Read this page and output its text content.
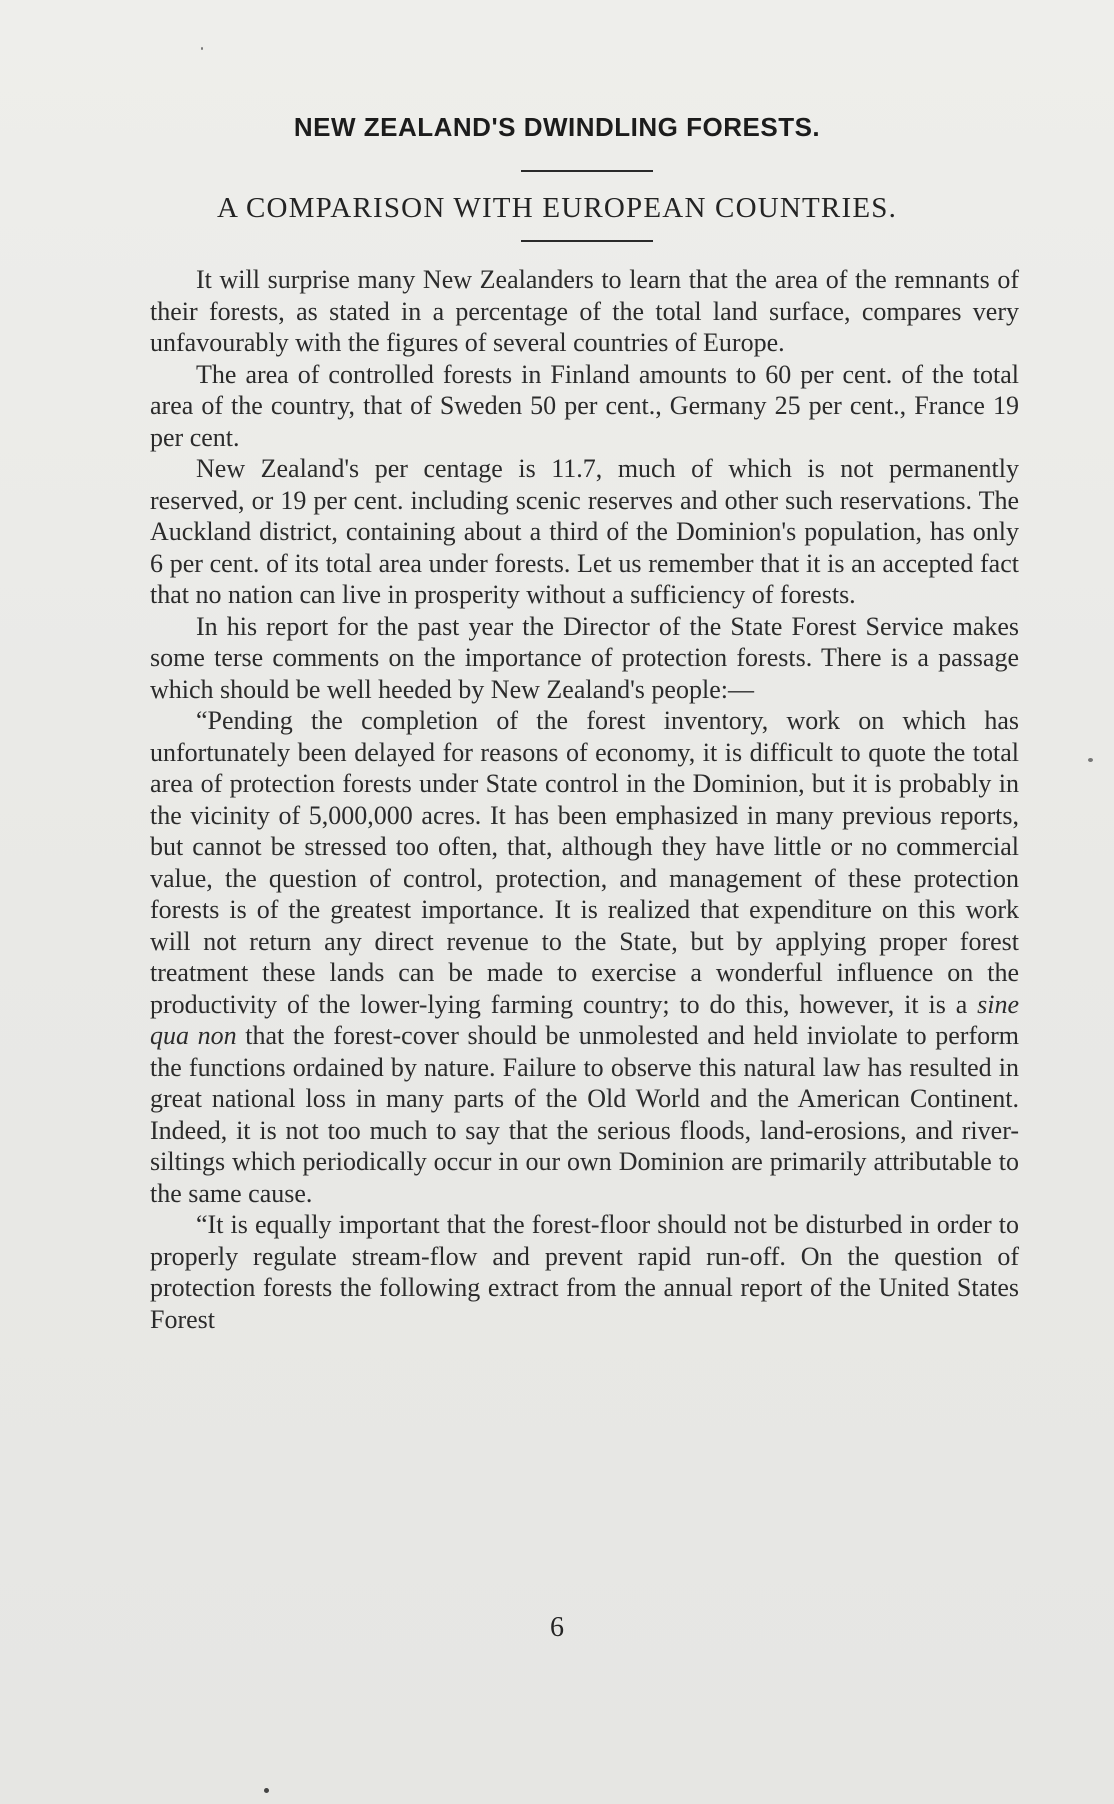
NEW ZEALAND'S DWINDLING FORESTS.
A COMPARISON WITH EUROPEAN COUNTRIES.

It will surprise many New Zealanders to learn that the area of the remnants of their forests, as stated in a percentage of the total land surface, compares very unfavourably with the figures of several countries of Europe.

The area of controlled forests in Finland amounts to 60 per cent. of the total area of the country, that of Sweden 50 per cent., Germany 25 per cent., France 19 per cent.

New Zealand's per centage is 11.7, much of which is not permanently reserved, or 19 per cent. including scenic reserves and other such reservations. The Auckland district, containing about a third of the Dominion's population, has only 6 per cent. of its total area under forests. Let us remember that it is an accepted fact that no nation can live in prosperity without a sufficiency of forests.

In his report for the past year the Director of the State Forest Service makes some terse comments on the importance of protection forests. There is a passage which should be well heeded by New Zealand's people:—

“Pending the completion of the forest inventory, work on which has unfortunately been delayed for reasons of economy, it is difficult to quote the total area of protection forests under State control in the Dominion, but it is probably in the vicinity of 5,000,000 acres. It has been emphasized in many previous reports, but cannot be stressed too often, that, although they have little or no commercial value, the question of control, protection, and management of these protection forests is of the greatest importance. It is realized that expenditure on this work will not return any direct revenue to the State, but by applying proper forest treatment these lands can be made to exercise a wonderful influence on the productivity of the lower-lying farming country; to do this, however, it is a sine qua non that the forest-cover should be unmolested and held inviolate to perform the functions ordained by nature. Failure to observe this natural law has resulted in great national loss in many parts of the Old World and the American Continent. Indeed, it is not too much to say that the serious floods, land-erosions, and river-siltings which periodically occur in our own Dominion are primarily attributable to the same cause.

“It is equally important that the forest-floor should not be disturbed in order to properly regulate stream-flow and prevent rapid run-off. On the question of protection forests the following extract from the annual report of the United States Forest

6
